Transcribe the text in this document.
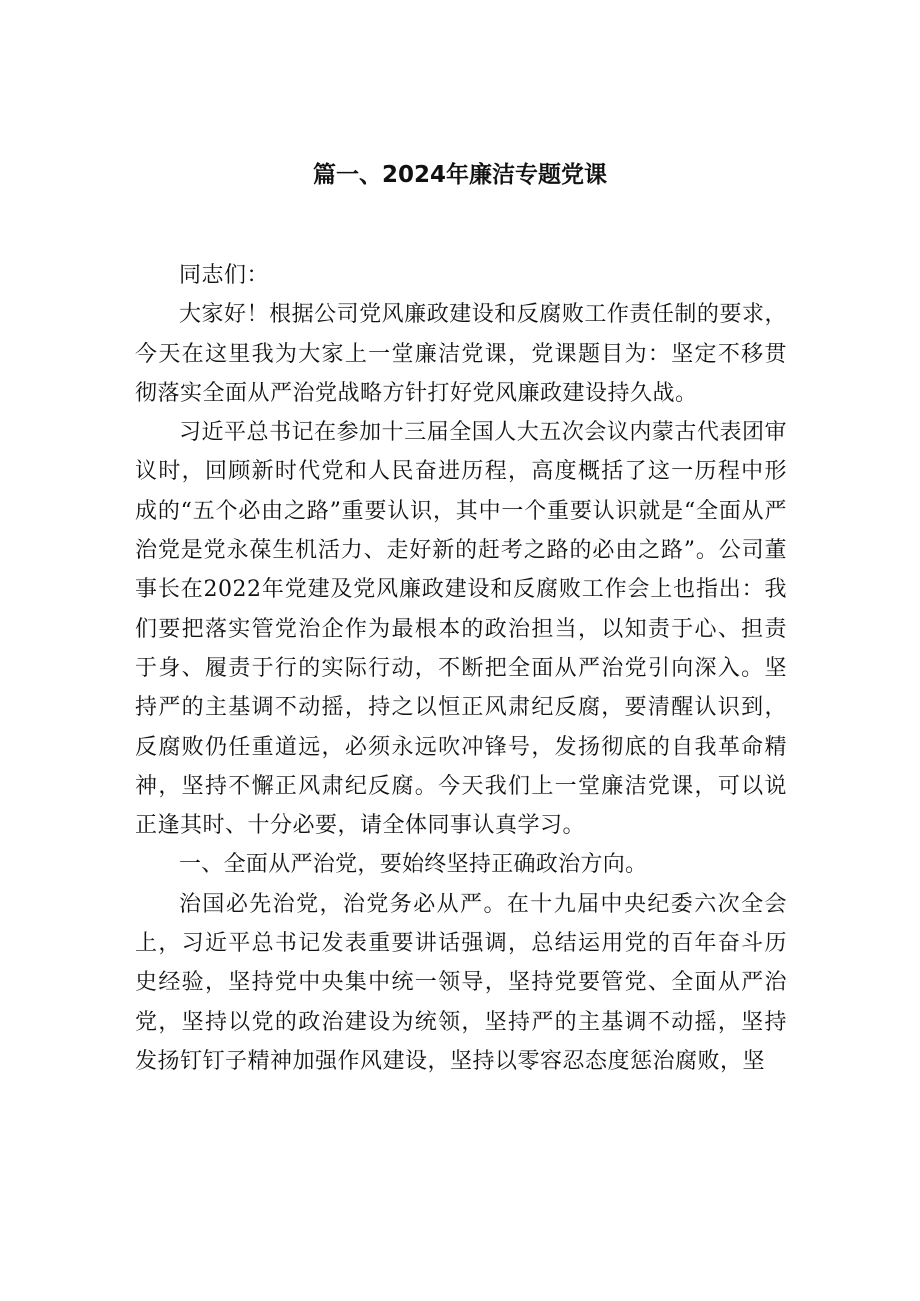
篇一、2024年廉洁专题党课

同志们：

大家好！根据公司党风廉政建设和反腐败工作责任制的要求，今天在这里我为大家上一堂廉洁党课，党课题目为：坚定不移贯彻落实全面从严治党战略方针打好党风廉政建设持久战。

习近平总书记在参加十三届全国人大五次会议内蒙古代表团审议时，回顾新时代党和人民奋进历程，高度概括了这一历程中形成的“五个必由之路”重要认识，其中一个重要认识就是“全面从严治党是党永葆生机活力、走好新的赶考之路的必由之路”。公司董事长在2022年党建及党风廉政建设和反腐败工作会上也指出：我们要把落实管党治企作为最根本的政治担当，以知责于心、担责于身、履责于行的实际行动，不断把全面从严治党引向深入。坚持严的主基调不动摇，持之以恒正风肃纪反腐，要清醒认识到，反腐败仍任重道远，必须永远吹冲锋号，发扬彻底的自我革命精神，坚持不懈正风肃纪反腐。今天我们上一堂廉洁党课，可以说正逢其时、十分必要，请全体同事认真学习。

一、全面从严治党，要始终坚持正确政治方向。

治国必先治党，治党务必从严。在十九届中央纪委六次全会上，习近平总书记发表重要讲话强调，总结运用党的百年奋斗历史经验，坚持党中央集中统一领导，坚持党要管党、全面从严治党，坚持以党的政治建设为统领，坚持严的主基调不动摇，坚持发扬钉钉子精神加强作风建设，坚持以零容忍态度惩治腐败，坚
